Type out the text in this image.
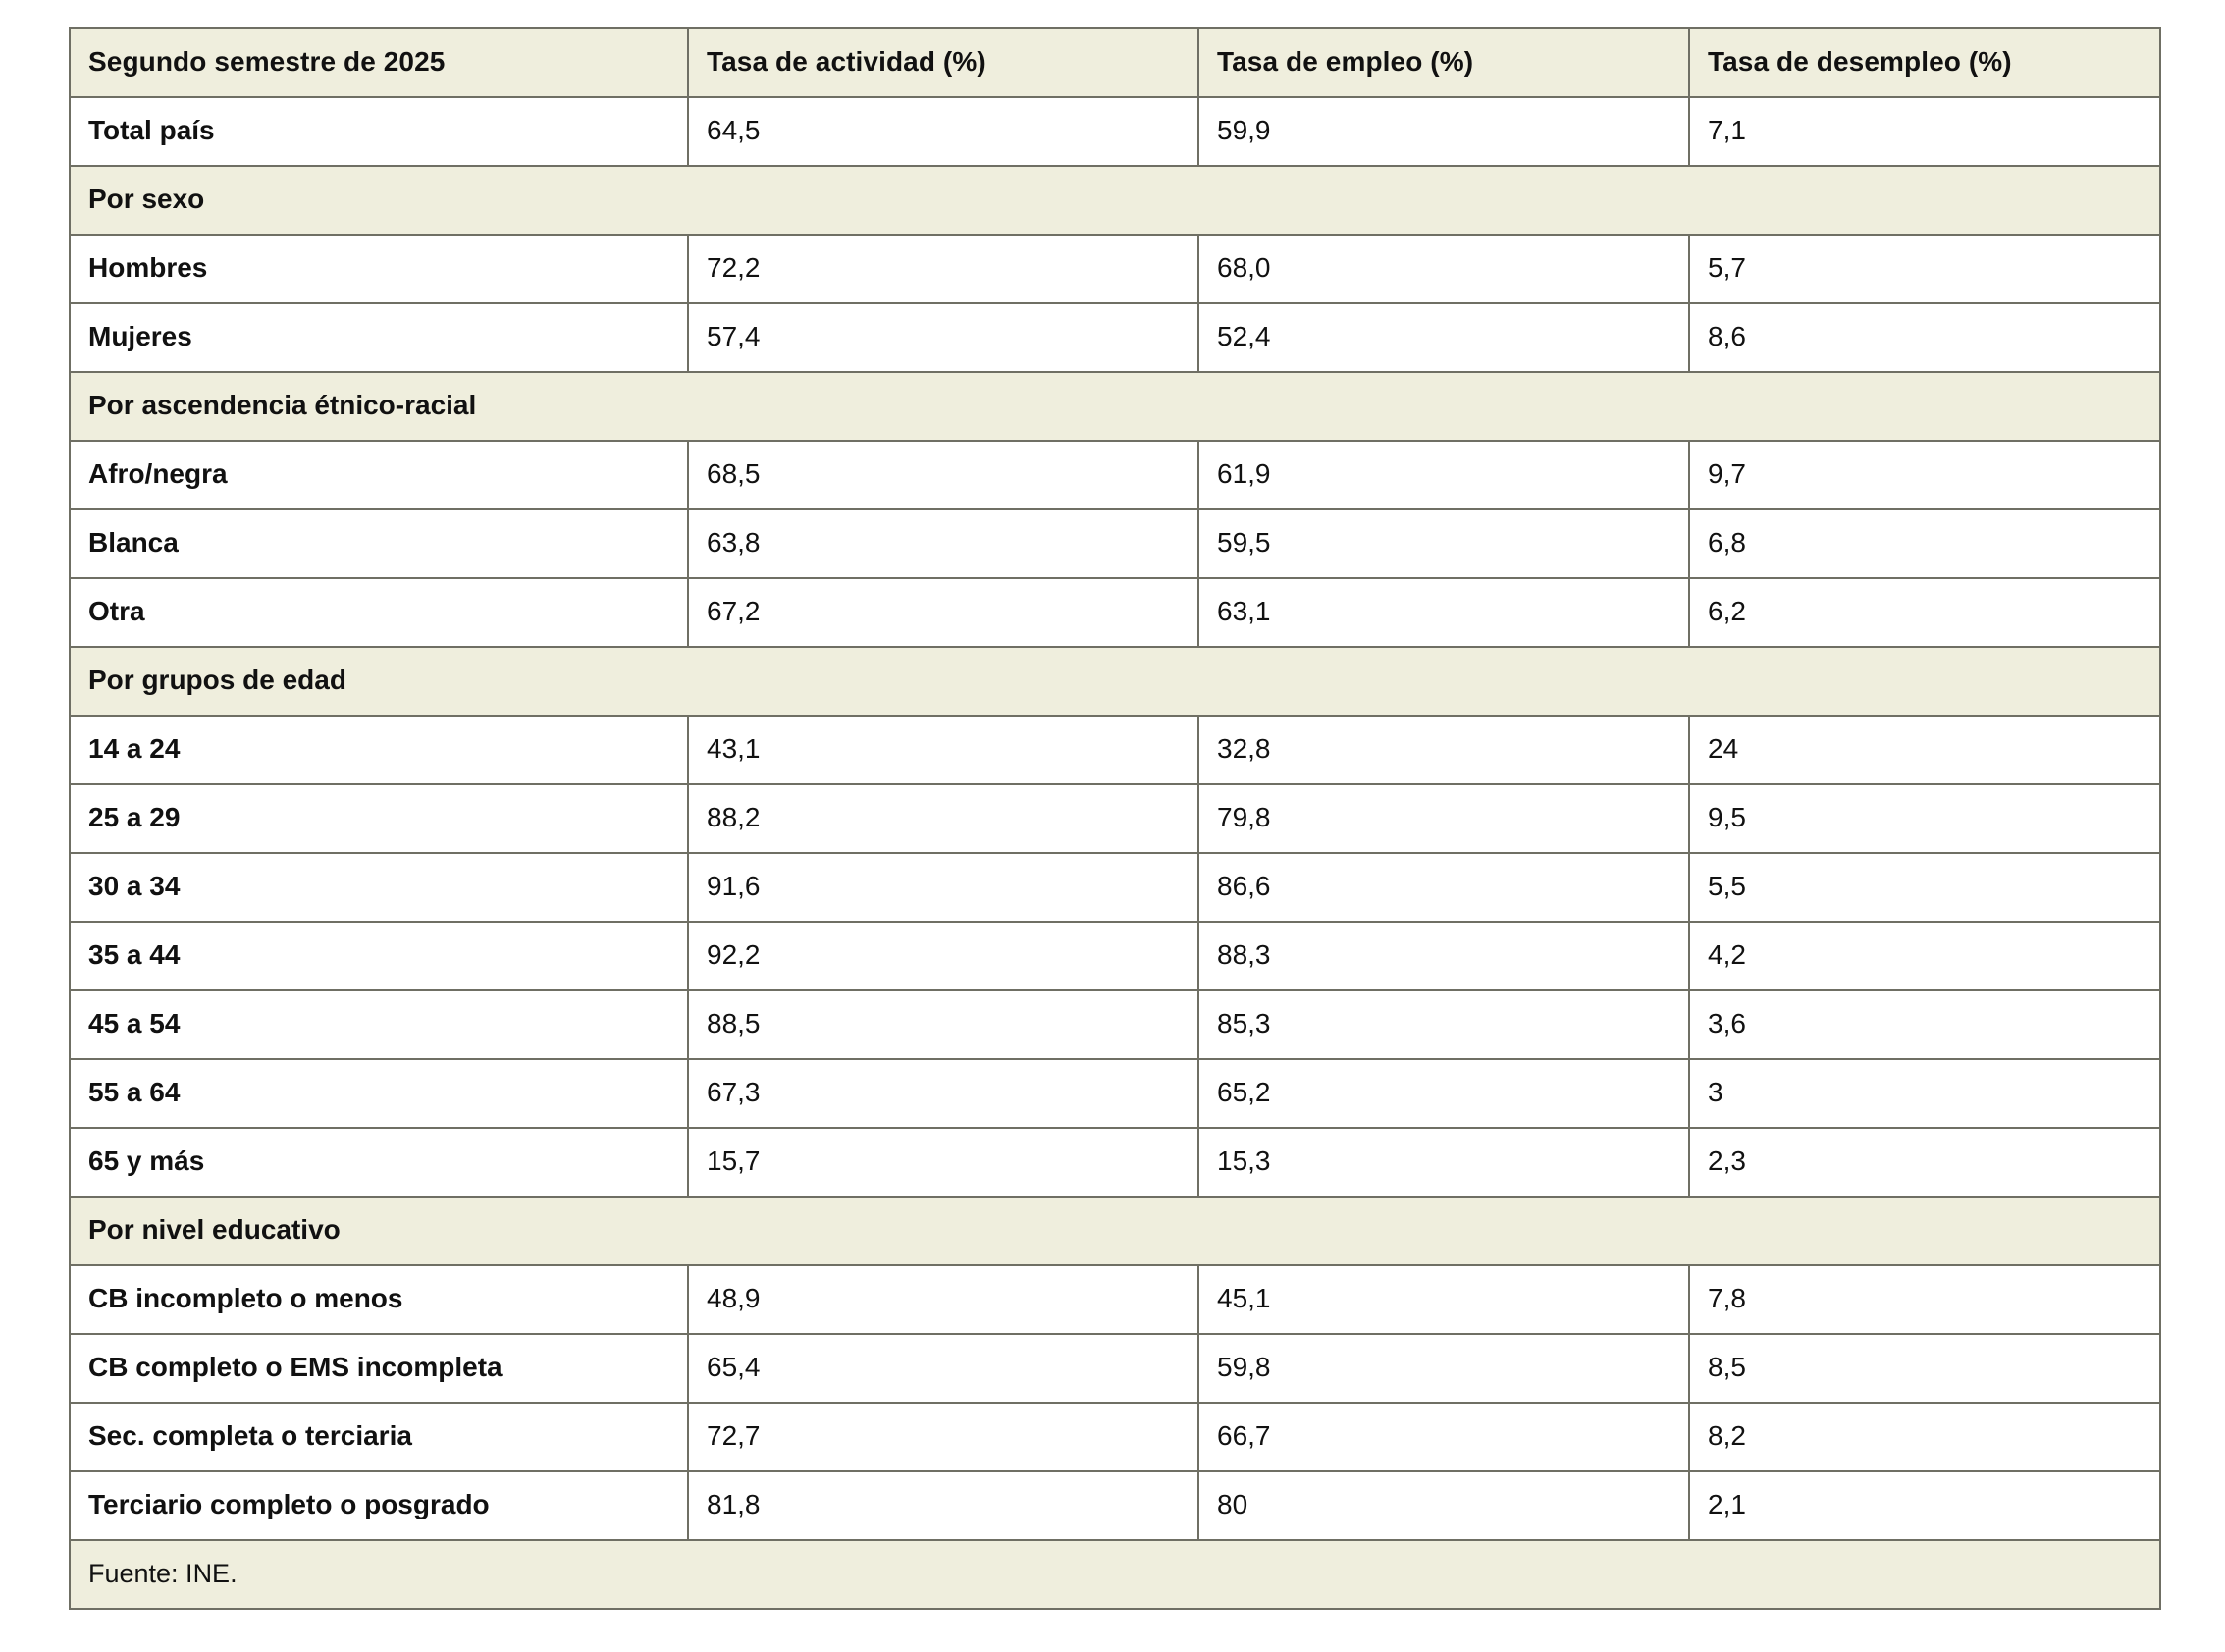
Segundo semestre de 2025	Tasa de actividad (%)	Tasa de empleo (%)	Tasa de desempleo (%)
Total país	64,5	59,9	7,1
Por sexo			
Hombres	72,2	68,0	5,7
Mujeres	57,4	52,4	8,6
Por ascendencia étnico-racial			
Afro/negra	68,5	61,9	9,7
Blanca	63,8	59,5	6,8
Otra	67,2	63,1	6,2
Por grupos de edad			
14 a 24	43,1	32,8	24
25 a 29	88,2	79,8	9,5
30 a 34	91,6	86,6	5,5
35 a 44	92,2	88,3	4,2
45 a 54	88,5	85,3	3,6
55 a 64	67,3	65,2	3
65 y más	15,7	15,3	2,3
Por nivel educativo			
CB incompleto o menos	48,9	45,1	7,8
CB completo o EMS incompleta	65,4	59,8	8,5
Sec. completa o terciaria	72,7	66,7	8,2
Terciario completo o posgrado	81,8	80	2,1
Fuente: INE.			
